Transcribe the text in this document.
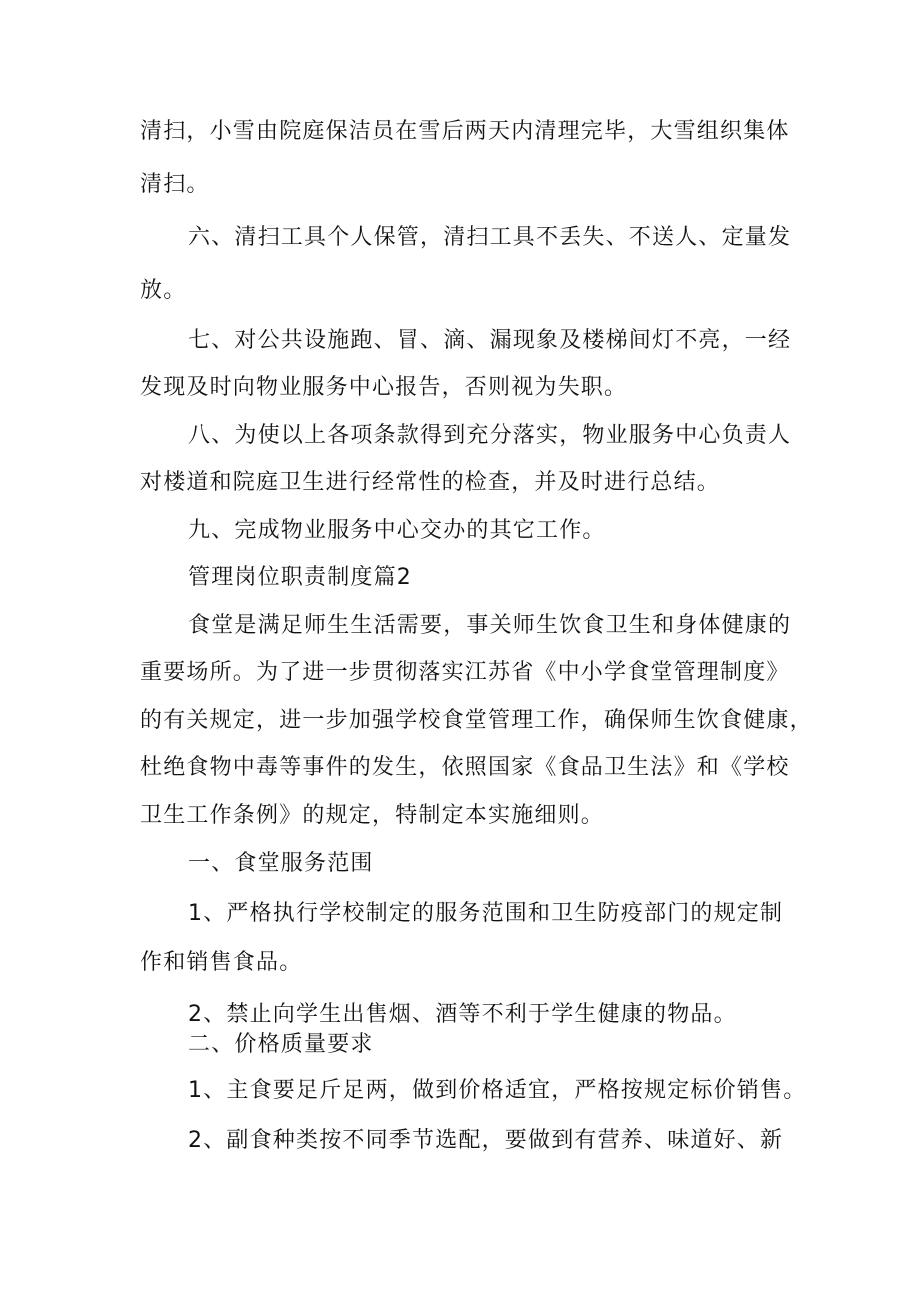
清扫，小雪由院庭保洁员在雪后两天内清理完毕，大雪组织集体
清扫。
六、清扫工具个人保管，清扫工具不丢失、不送人、定量发
放。
七、对公共设施跑、冒、滴、漏现象及楼梯间灯不亮，一经
发现及时向物业服务中心报告，否则视为失职。
八、为使以上各项条款得到充分落实，物业服务中心负责人
对楼道和院庭卫生进行经常性的检查，并及时进行总结。
九、完成物业服务中心交办的其它工作。
管理岗位职责制度篇2
食堂是满足师生生活需要，事关师生饮食卫生和身体健康的
重要场所。为了进一步贯彻落实江苏省《中小学食堂管理制度》
的有关规定，进一步加强学校食堂管理工作，确保师生饮食健康，
杜绝食物中毒等事件的发生，依照国家《食品卫生法》和《学校
卫生工作条例》的规定，特制定本实施细则。
一、食堂服务范围
1、严格执行学校制定的服务范围和卫生防疫部门的规定制
作和销售食品。
2、禁止向学生出售烟、酒等不利于学生健康的物品。
二、价格质量要求
1、主食要足斤足两，做到价格适宜，严格按规定标价销售。
2、副食种类按不同季节选配，要做到有营养、味道好、新
